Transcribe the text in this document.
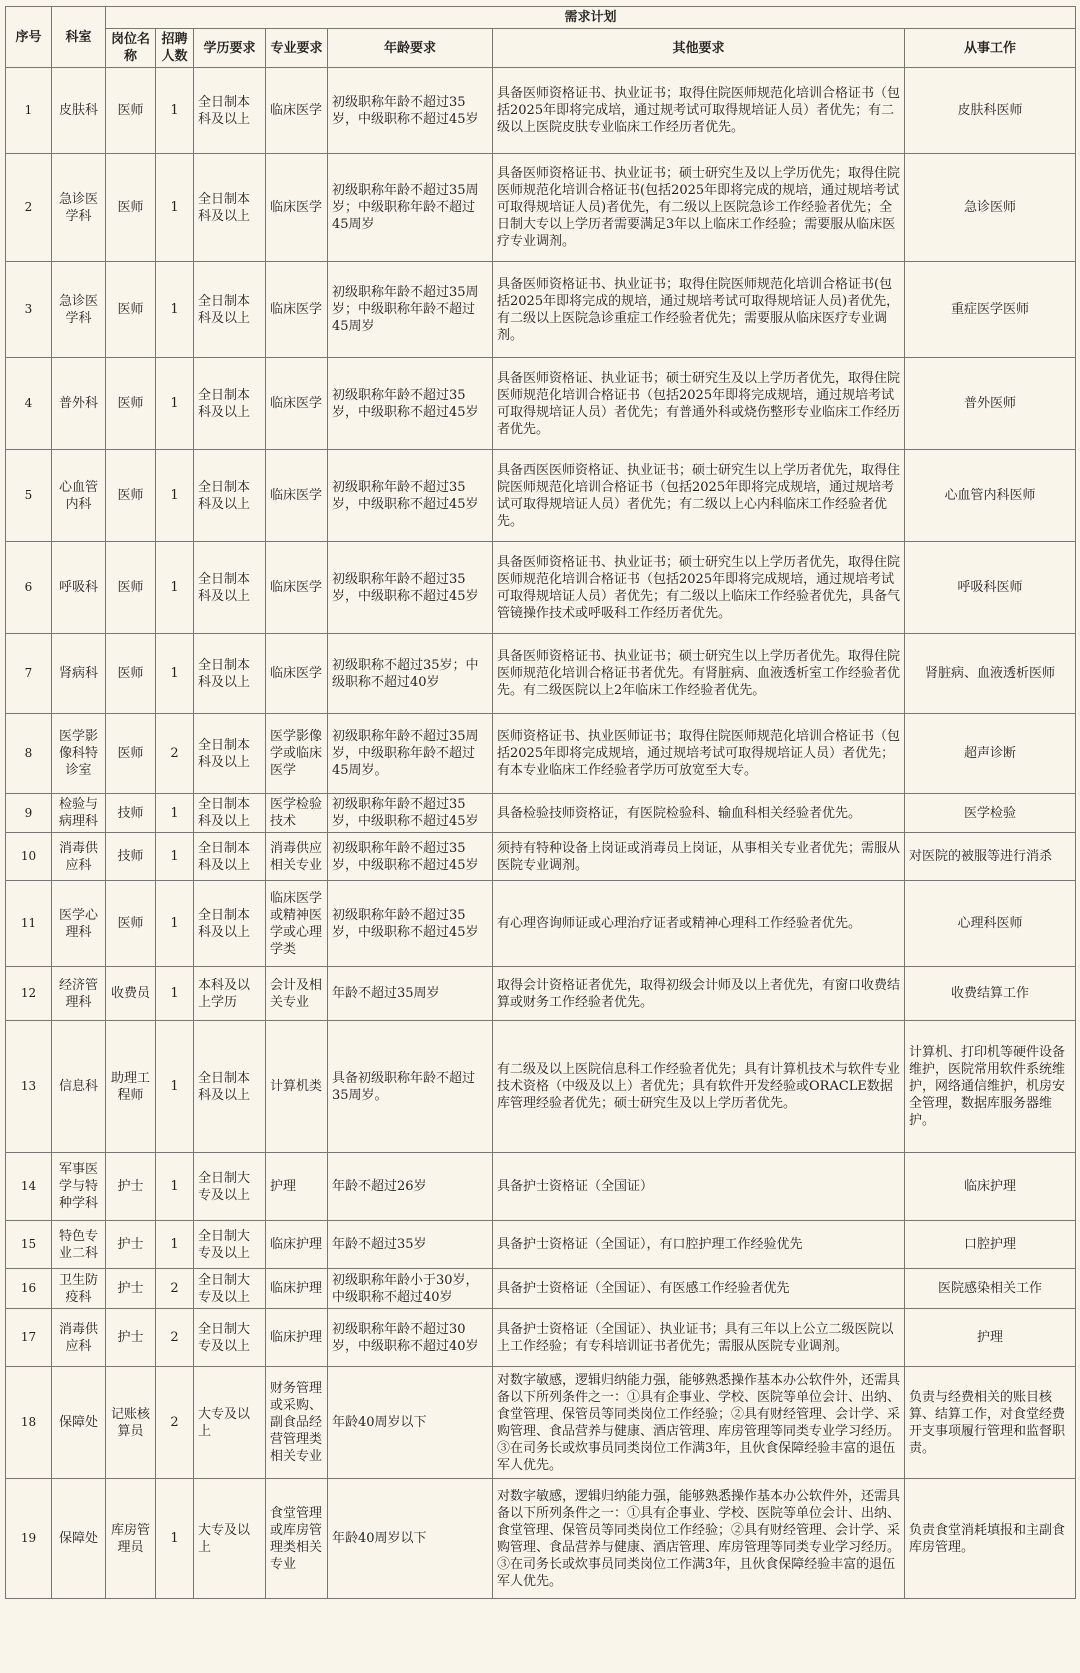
序号	科室	需求计划						
		岗位名称	招聘人数	学历要求	专业要求	年龄要求	其他要求	从事工作
1	皮肤科	医师	1	全日制本科及以上	临床医学	初级职称年龄不超过35岁，中级职称不超过45岁	具备医师资格证书、执业证书；取得住院医师规范化培训合格证书（包括2025年即将完成培，通过规考试可取得规培证人员）者优先；有二级以上医院皮肤专业临床工作经历者优先。	皮肤科医师
2	急诊医学科	医师	1	全日制本科及以上	临床医学	初级职称年龄不超过35周岁；中级职称年龄不超过45周岁	具备医师资格证书、执业证书；硕士研究生及以上学历优先；取得住院医师规范化培训合格证书(包括2025年即将完成的规培，通过规培考试可取得规培证人员)者优先，有二级以上医院急诊工作经验者优先；全日制大专以上学历者需要满足3年以上临床工作经验；需要服从临床医疗专业调剂。	急诊医师
3	急诊医学科	医师	1	全日制本科及以上	临床医学	初级职称年龄不超过35周岁；中级职称年龄不超过45周岁	具备医师资格证书、执业证书；取得住院医师规范化培训合格证书(包括2025年即将完成的规培，通过规培考试可取得规培证人员)者优先，有二级以上医院急诊重症工作经验者优先；需要服从临床医疗专业调剂。	重症医学医师
4	普外科	医师	1	全日制本科及以上	临床医学	初级职称年龄不超过35岁，中级职称不超过45岁	具备医师资格证、执业证书；硕士研究生及以上学历者优先，取得住院医师规范化培训合格证书（包括2025年即将完成规培，通过规培考试可取得规培证人员）者优先；有普通外科或烧伤整形专业临床工作经历者优先。	普外医师
5	心血管内科	医师	1	全日制本科及以上	临床医学	初级职称年龄不超过35岁，中级职称不超过45岁	具备西医医师资格证、执业证书；硕士研究生以上学历者优先，取得住院医师规范化培训合格证书（包括2025年即将完成规培，通过规培考试可取得规培证人员）者优先；有二级以上心内科临床工作经验者优先。	心血管内科医师
6	呼吸科	医师	1	全日制本科及以上	临床医学	初级职称年龄不超过35岁，中级职称不超过45岁	具备医师资格证书、执业证书；硕士研究生以上学历者优先，取得住院医师规范化培训合格证书（包括2025年即将完成规培，通过规培考试可取得规培证人员）者优先；有二级以上临床工作经验者优先，具备气管镜操作技术或呼吸科工作经历者优先。	呼吸科医师
7	肾病科	医师	1	全日制本科及以上	临床医学	初级职称不超过35岁；中级职称不超过40岁	具备医师资格证书、执业证书；硕士研究生以上学历者优先。取得住院医师规范化培训合格证书者优先。有肾脏病、血液透析室工作经验者优先。有二级医院以上2年临床工作经验者优先。	肾脏病、血液透析医师
8	医学影像科特诊室	医师	2	全日制本科及以上	医学影像学或临床医学	初级职称年龄不超过35周岁，中级职称年龄不超过45周岁。	医师资格证书、执业医师证书；取得住院医师规范化培训合格证书（包括2025年即将完成规培，通过规培考试可取得规培证人员）者优先；有本专业临床工作经验者学历可放宽至大专。	超声诊断
9	检验与病理科	技师	1	全日制本科及以上	医学检验技术	初级职称年龄不超过35岁，中级职称不超过45岁	具备检验技师资格证，有医院检验科、输血科相关经验者优先。	医学检验
10	消毒供应科	技师	1	全日制本科及以上	消毒供应相关专业	初级职称年龄不超过35岁，中级职称不超过45岁	须持有特种设备上岗证或消毒员上岗证，从事相关专业者优先；需服从医院专业调剂。	对医院的被服等进行消杀
11	医学心理科	医师	1	全日制本科及以上	临床医学或精神医学或心理学类	初级职称年龄不超过35岁，中级职称不超过45岁	有心理咨询师证或心理治疗证者或精神心理科工作经验者优先。	心理科医师
12	经济管理科	收费员	1	本科及以上学历	会计及相关专业	年龄不超过35周岁	取得会计资格证者优先，取得初级会计师及以上者优先，有窗口收费结算或财务工作经验者优先。	收费结算工作
13	信息科	助理工程师	1	全日制本科及以上	计算机类	具备初级职称年龄不超过35周岁。	有二级及以上医院信息科工作经验者优先；具有计算机技术与软件专业技术资格（中级及以上）者优先；具有软件开发经验或ORACLE数据库管理经验者优先；硕士研究生及以上学历者优先。	计算机、打印机等硬件设备维护，医院常用软件系统维护，网络通信维护，机房安全管理，数据库服务器维护。
14	军事医学与特种学科	护士	1	全日制大专及以上	护理	年龄不超过26岁	具备护士资格证（全国证）	临床护理
15	特色专业二科	护士	1	全日制大专及以上	临床护理	年龄不超过35岁	具备护士资格证（全国证），有口腔护理工作经验优先	口腔护理
16	卫生防疫科	护士	2	全日制大专及以上	临床护理	初级职称年龄小于30岁，中级职称不超过40岁	具备护士资格证（全国证）、有医感工作经验者优先	医院感染相关工作
17	消毒供应科	护士	2	全日制大专及以上	临床护理	初级职称年龄不超过30岁，中级职称不超过40岁	具备护士资格证（全国证）、执业证书；具有三年以上公立二级医院以上工作经验；有专科培训证书者优先；需服从医院专业调剂。	护理
18	保障处	记账核算员	2	大专及以上	财务管理或采购、副食品经营管理类相关专业	年龄40周岁以下	对数字敏感，逻辑归纳能力强，能够熟悉操作基本办公软件外，还需具备以下所列条件之一：①具有企事业、学校、医院等单位会计、出纳、食堂管理、保管员等同类岗位工作经验；②具有财经管理、会计学、采购管理、食品营养与健康、酒店管理、库房管理等同类专业学习经历。③在司务长或炊事员同类岗位工作满3年，且伙食保障经验丰富的退伍军人优先。	负责与经费相关的账目核算、结算工作，对食堂经费开支事项履行管理和监督职责。
19	保障处	库房管理员	1	大专及以上	食堂管理或库房管理类相关专业	年龄40周岁以下	对数字敏感，逻辑归纳能力强，能够熟悉操作基本办公软件外，还需具备以下所列条件之一：①具有企事业、学校、医院等单位会计、出纳、食堂管理、保管员等同类岗位工作经验；②具有财经管理、会计学、采购管理、食品营养与健康、酒店管理、库房管理等同类专业学习经历。③在司务长或炊事员同类岗位工作满3年，且伙食保障经验丰富的退伍军人优先。	负责食堂消耗填报和主副食库房管理。
